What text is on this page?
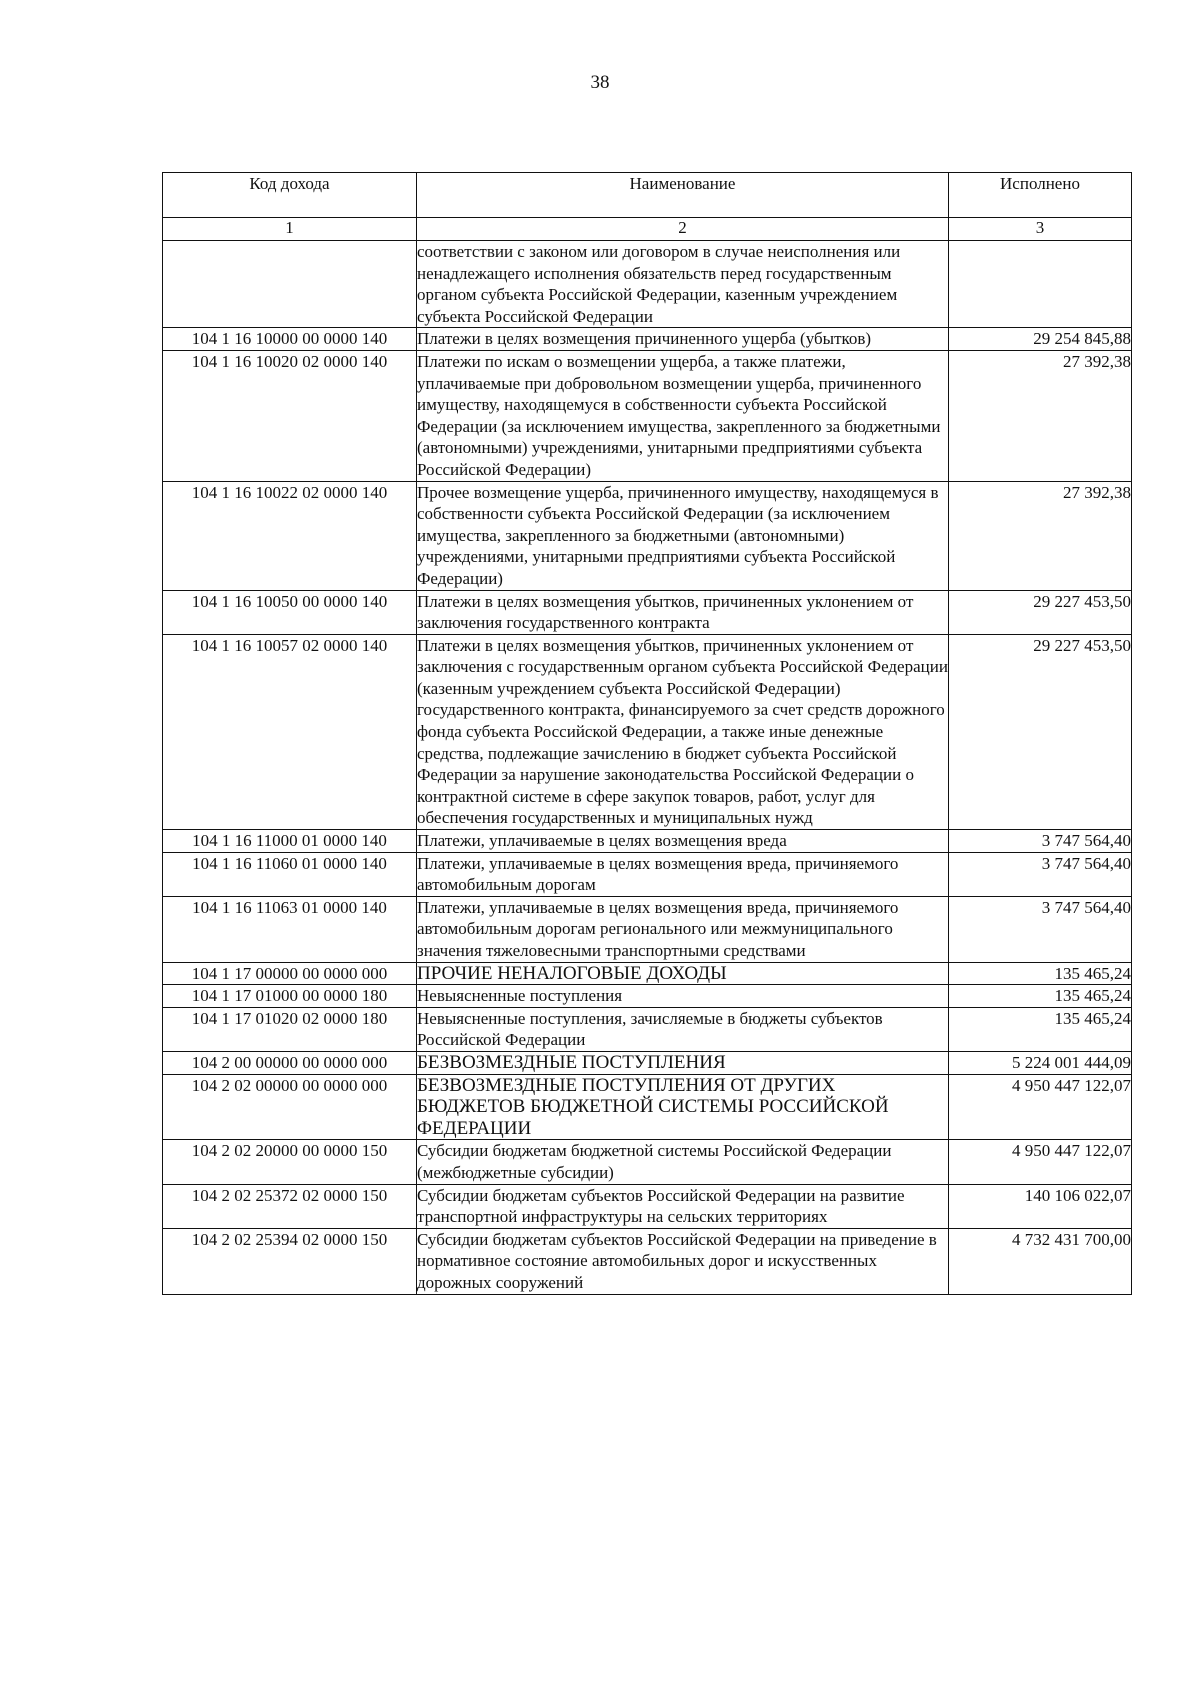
38
Код дохода	Наименование	Исполнено
1	2	3
	соответствии с законом или договором в случае неисполнения или ненадлежащего исполнения обязательств перед государственным органом субъекта Российской Федерации, казенным учреждением субъекта Российской Федерации	
104 1 16 10000 00 0000 140	Платежи в целях возмещения причиненного ущерба (убытков)	29 254 845,88
104 1 16 10020 02 0000 140	Платежи по искам о возмещении ущерба, а также платежи, уплачиваемые при добровольном возмещении ущерба, причиненного имуществу, находящемуся в собственности субъекта Российской Федерации (за исключением имущества, закрепленного за бюджетными (автономными) учреждениями, унитарными предприятиями субъекта Российской Федерации)	27 392,38
104 1 16 10022 02 0000 140	Прочее возмещение ущерба, причиненного имуществу, находящемуся в собственности субъекта Российской Федерации (за исключением имущества, закрепленного за бюджетными (автономными) учреждениями, унитарными предприятиями субъекта Российской Федерации)	27 392,38
104 1 16 10050 00 0000 140	Платежи в целях возмещения убытков, причиненных уклонением от заключения государственного контракта	29 227 453,50
104 1 16 10057 02 0000 140	Платежи в целях возмещения убытков, причиненных уклонением от заключения с государственным органом субъекта Российской Федерации (казенным учреждением субъекта Российской Федерации) государственного контракта, финансируемого за счет средств дорожного фонда субъекта Российской Федерации, а также иные денежные средства, подлежащие зачислению в бюджет субъекта Российской Федерации за нарушение законодательства Российской Федерации о контрактной системе в сфере закупок товаров, работ, услуг для обеспечения государственных и муниципальных нужд	29 227 453,50
104 1 16 11000 01 0000 140	Платежи, уплачиваемые в целях возмещения вреда	3 747 564,40
104 1 16 11060 01 0000 140	Платежи, уплачиваемые в целях возмещения вреда, причиняемого автомобильным дорогам	3 747 564,40
104 1 16 11063 01 0000 140	Платежи, уплачиваемые в целях возмещения вреда, причиняемого автомобильным дорогам регионального или межмуниципального значения тяжеловесными транспортными средствами	3 747 564,40
104 1 17 00000 00 0000 000	ПРОЧИЕ НЕНАЛОГОВЫЕ ДОХОДЫ	135 465,24
104 1 17 01000 00 0000 180	Невыясненные поступления	135 465,24
104 1 17 01020 02 0000 180	Невыясненные поступления, зачисляемые в бюджеты субъектов Российской Федерации	135 465,24
104 2 00 00000 00 0000 000	БЕЗВОЗМЕЗДНЫЕ ПОСТУПЛЕНИЯ	5 224 001 444,09
104 2 02 00000 00 0000 000	БЕЗВОЗМЕЗДНЫЕ ПОСТУПЛЕНИЯ ОТ ДРУГИХ БЮДЖЕТОВ БЮДЖЕТНОЙ СИСТЕМЫ РОССИЙСКОЙ ФЕДЕРАЦИИ	4 950 447 122,07
104 2 02 20000 00 0000 150	Субсидии бюджетам бюджетной системы Российской Федерации (межбюджетные субсидии)	4 950 447 122,07
104 2 02 25372 02 0000 150	Субсидии бюджетам субъектов Российской Федерации на развитие транспортной инфраструктуры на сельских территориях	140 106 022,07
104 2 02 25394 02 0000 150	Субсидии бюджетам субъектов Российской Федерации на приведение в нормативное состояние автомобильных дорог и искусственных дорожных сооружений	4 732 431 700,00
